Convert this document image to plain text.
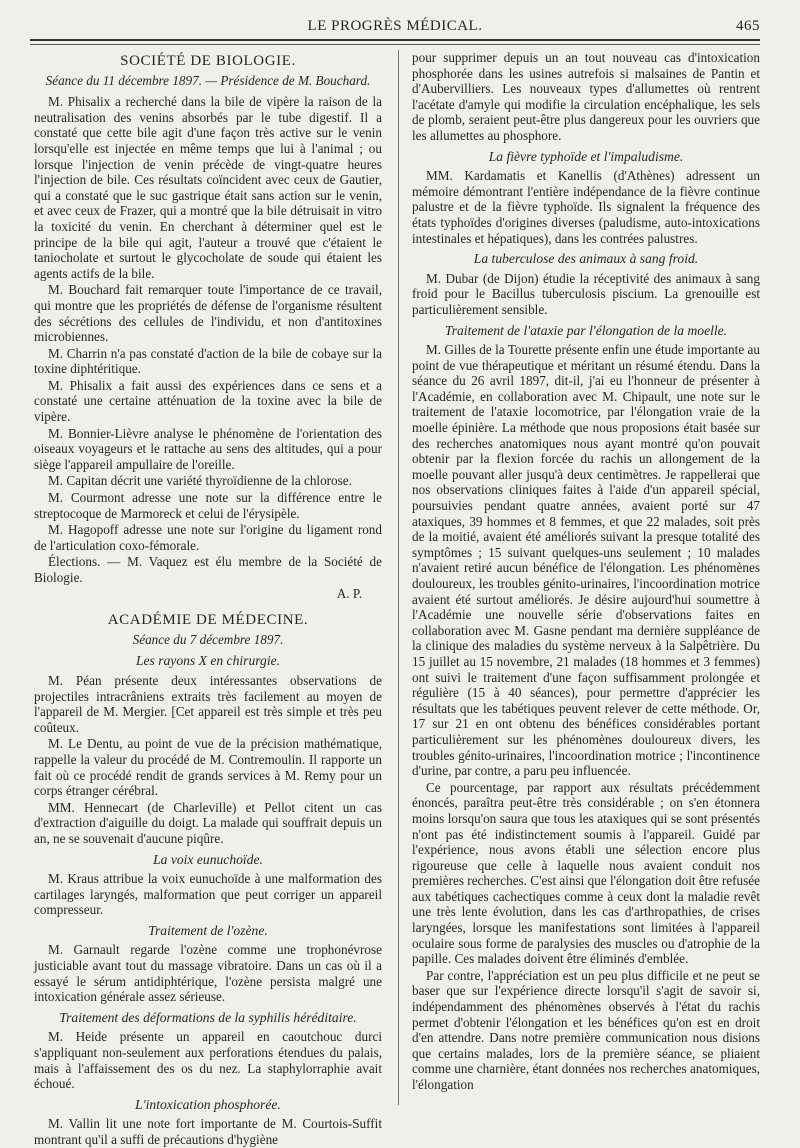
LE PROGRÈS MÉDICAL.	465
SOCIÉTÉ DE BIOLOGIE.
Séance du 11 décembre 1897. — Présidence de M. Bouchard.

M. Phisalix a recherché dans la bile de vipère la raison de la neutralisation des venins absorbés par le tube digestif. Il a constaté que cette bile agit d'une façon très active sur le venin lorsqu'elle est injectée en même temps que lui à l'animal ; ou lorsque l'injection de venin précède de vingt-quatre heures l'injection de bile. Ces résultats coïncident avec ceux de Gautier, qui a constaté que le suc gastrique était sans action sur le venin, et avec ceux de Frazer, qui a montré que la bile détruisait in vitro la toxicité du venin. En cherchant à déterminer quel est le principe de la bile qui agit, l'auteur a trouvé que c'étaient le taniocholate et surtout le glycocholate de soude qui étaient les agents actifs de la bile.

M. Bouchard fait remarquer toute l'importance de ce travail, qui montre que les propriétés de défense de l'organisme résultent des sécrétions des cellules de l'individu, et non d'antitoxines microbiennes.

M. Charrin n'a pas constaté d'action de la bile de cobaye sur la toxine diphtéritique.

M. Phisalix a fait aussi des expériences dans ce sens et a constaté une certaine atténuation de la toxine avec la bile de vipère.

M. Bonnier-Lièvre analyse le phénomène de l'orientation des oiseaux voyageurs et le rattache au sens des altitudes, qui a pour siège l'appareil ampullaire de l'oreille.

M. Capitan décrit une variété thyroïdienne de la chlorose.

M. Courmont adresse une note sur la différence entre le streptocoque de Marmoreck et celui de l'érysipèle.

M. Hagopoff adresse une note sur l'origine du ligament rond de l'articulation coxo-fémorale.

Élections. — M. Vaquez est élu membre de la Société de Biologie.

A. P.
ACADÉMIE DE MÉDECINE.
Séance du 7 décembre 1897.
Les rayons X en chirurgie.

M. Péan présente deux intéressantes observations de projectiles intracrâniens extraits très facilement au moyen de l'appareil de M. Mergier. [Cet appareil est très simple et très peu coûteux.

M. Le Dentu, au point de vue de la précision mathématique, rappelle la valeur du procédé de M. Contremoulin. Il rapporte un fait où ce procédé rendit de grands services à M. Remy pour un corps étranger cérébral.

MM. Hennecart (de Charleville) et Pellot citent un cas d'extraction d'aiguille du doigt. La malade qui souffrait depuis un an, ne se souvenait d'aucune piqûre.

La voix eunuchoïde.

M. Kraus attribue la voix eunuchoïde à une malformation des cartilages laryngés, malformation que peut corriger un appareil compresseur.

Traitement de l'ozène.

M. Garnault regarde l'ozène comme une trophonévrose justiciable avant tout du massage vibratoire. Dans un cas où il a essayé le sérum antidiphtérique, l'ozène persista malgré une intoxication générale assez sérieuse.

Traitement des déformations de la syphilis héréditaire.

M. Heide présente un appareil en caoutchouc durci s'appliquant non-seulement aux perforations étendues du palais, mais à l'affaissement des os du nez. La staphylorraphie avait échoué.

L'intoxication phosphorée.

M. Vallin lit une note fort importante de M. Courtois-Suffit montrant qu'il a suffi de précautions d'hygiène

pour supprimer depuis un an tout nouveau cas d'intoxication phosphorée dans les usines autrefois si malsaines de Pantin et d'Aubervilliers. Les nouveaux types d'allumettes où rentrent l'acétate d'amyle qui modifie la circulation encéphalique, les sels de plomb, seraient peut-être plus dangereux pour les ouvriers que les allumettes au phosphore.

La fièvre typhoïde et l'impaludisme.

MM. Kardamatis et Kanellis (d'Athènes) adressent un mémoire démontrant l'entière indépendance de la fièvre continue palustre et de la fièvre typhoïde. Ils signalent la fréquence des états typhoïdes d'origines diverses (paludisme, auto-intoxications intestinales et hépatiques), dans les contrées palustres.

La tuberculose des animaux à sang froid.

M. Dubar (de Dijon) étudie la réceptivité des animaux à sang froid pour le Bacillus tuberculosis piscium. La grenouille est particulièrement sensible.

Traitement de l'ataxie par l'élongation de la moelle.

M. Gilles de la Tourette présente enfin une étude importante au point de vue thérapeutique et méritant un résumé étendu. Dans la séance du 26 avril 1897, dit-il, j'ai eu l'honneur de présenter à l'Académie, en collaboration avec M. Chipault, une note sur le traitement de l'ataxie locomotrice, par l'élongation vraie de la moelle épinière. La méthode que nous proposions était basée sur des recherches anatomiques nous ayant montré qu'on pouvait obtenir par la flexion forcée du rachis un allongement de la moelle pouvant aller jusqu'à deux centimètres. Je rappellerai que nos observations cliniques faites à l'aide d'un appareil spécial, poursuivies pendant quatre années, avaient porté sur 47 ataxiques, 39 hommes et 8 femmes, et que 22 malades, soit près de la moitié, avaient été améliorés suivant la presque totalité des symptômes ; 15 suivant quelques-uns seulement ; 10 malades n'avaient retiré aucun bénéfice de l'élongation. Les phénomènes douloureux, les troubles génito-urinaires, l'incoordination motrice avaient été surtout améliorés. Je désire aujourd'hui soumettre à l'Académie une nouvelle série d'observations faites en collaboration avec M. Gasne pendant ma dernière suppléance de la clinique des maladies du système nerveux à la Salpêtrière. Du 15 juillet au 15 novembre, 21 malades (18 hommes et 3 femmes) ont suivi le traitement d'une façon suffisamment prolongée et régulière (15 à 40 séances), pour permettre d'apprécier les résultats que les tabétiques peuvent relever de cette méthode. Or, 17 sur 21 en ont obtenu des bénéfices considérables portant particulièrement sur les phénomènes douloureux divers, les troubles génito-urinaires, l'incoordination motrice ; l'incontinence d'urine, par contre, a paru peu influencée.

Ce pourcentage, par rapport aux résultats précédemment énoncés, paraîtra peut-être très considérable ; on s'en étonnera moins lorsqu'on saura que tous les ataxiques qui se sont présentés n'ont pas été indistinctement soumis à l'appareil. Guidé par l'expérience, nous avons établi une sélection encore plus rigoureuse que celle à laquelle nous avaient conduit nos premières recherches. C'est ainsi que l'élongation doit être refusée aux tabétiques cachectiques comme à ceux dont la maladie revêt une très lente évolution, dans les cas d'arthropathies, de crises laryngées, lorsque les manifestations sont limitées à l'appareil oculaire sous forme de paralysies des muscles ou d'atrophie de la papille. Ces malades doivent être éliminés d'emblée.

Par contre, l'appréciation est un peu plus difficile et ne peut se baser que sur l'expérience directe lorsqu'il s'agit de savoir si, indépendamment des phénomènes observés à l'état du rachis permet d'obtenir l'élongation et les bénéfices qu'on est en droit d'en attendre. Dans notre première communication nous disions que certains malades, lors de la première séance, se pliaient comme une charnière, étant données nos recherches anatomiques, l'élongation
